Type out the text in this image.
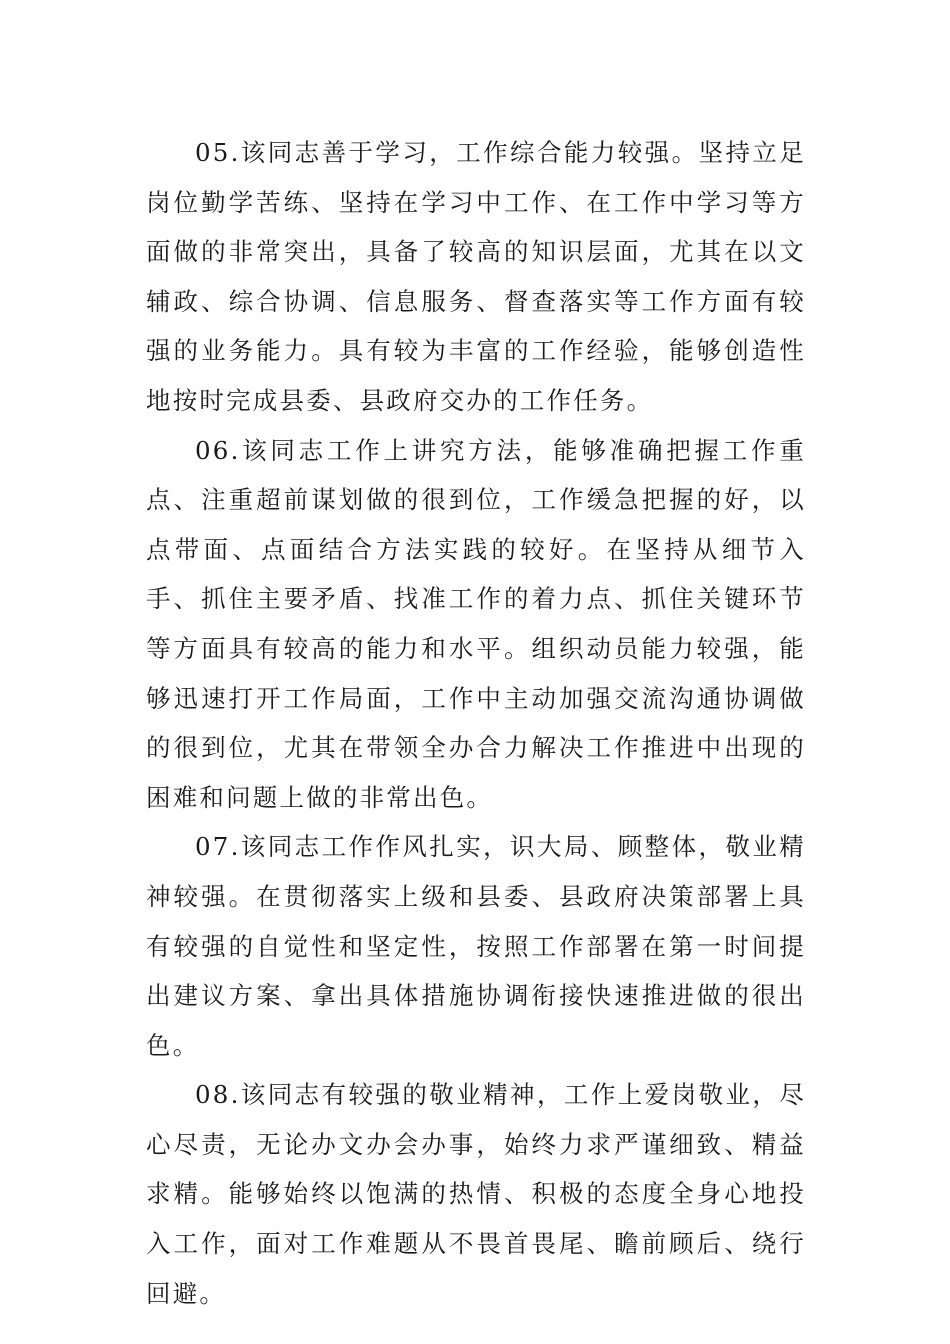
05.该同志善于学习，工作综合能力较强。坚持立足岗位勤学苦练、坚持在学习中工作、在工作中学习等方面做的非常突出，具备了较高的知识层面，尤其在以文辅政、综合协调、信息服务、督查落实等工作方面有较强的业务能力。具有较为丰富的工作经验，能够创造性地按时完成县委、县政府交办的工作任务。

06.该同志工作上讲究方法，能够准确把握工作重点、注重超前谋划做的很到位，工作缓急把握的好，以点带面、点面结合方法实践的较好。在坚持从细节入手、抓住主要矛盾、找准工作的着力点、抓住关键环节等方面具有较高的能力和水平。组织动员能力较强，能够迅速打开工作局面，工作中主动加强交流沟通协调做的很到位，尤其在带领全办合力解决工作推进中出现的困难和问题上做的非常出色。

07.该同志工作作风扎实，识大局、顾整体，敬业精神较强。在贯彻落实上级和县委、县政府决策部署上具有较强的自觉性和坚定性，按照工作部署在第一时间提出建议方案、拿出具体措施协调衔接快速推进做的很出色。

08.该同志有较强的敬业精神，工作上爱岗敬业，尽心尽责，无论办文办会办事，始终力求严谨细致、精益求精。能够始终以饱满的热情、积极的态度全身心地投入工作，面对工作难题从不畏首畏尾、瞻前顾后、绕行回避。
